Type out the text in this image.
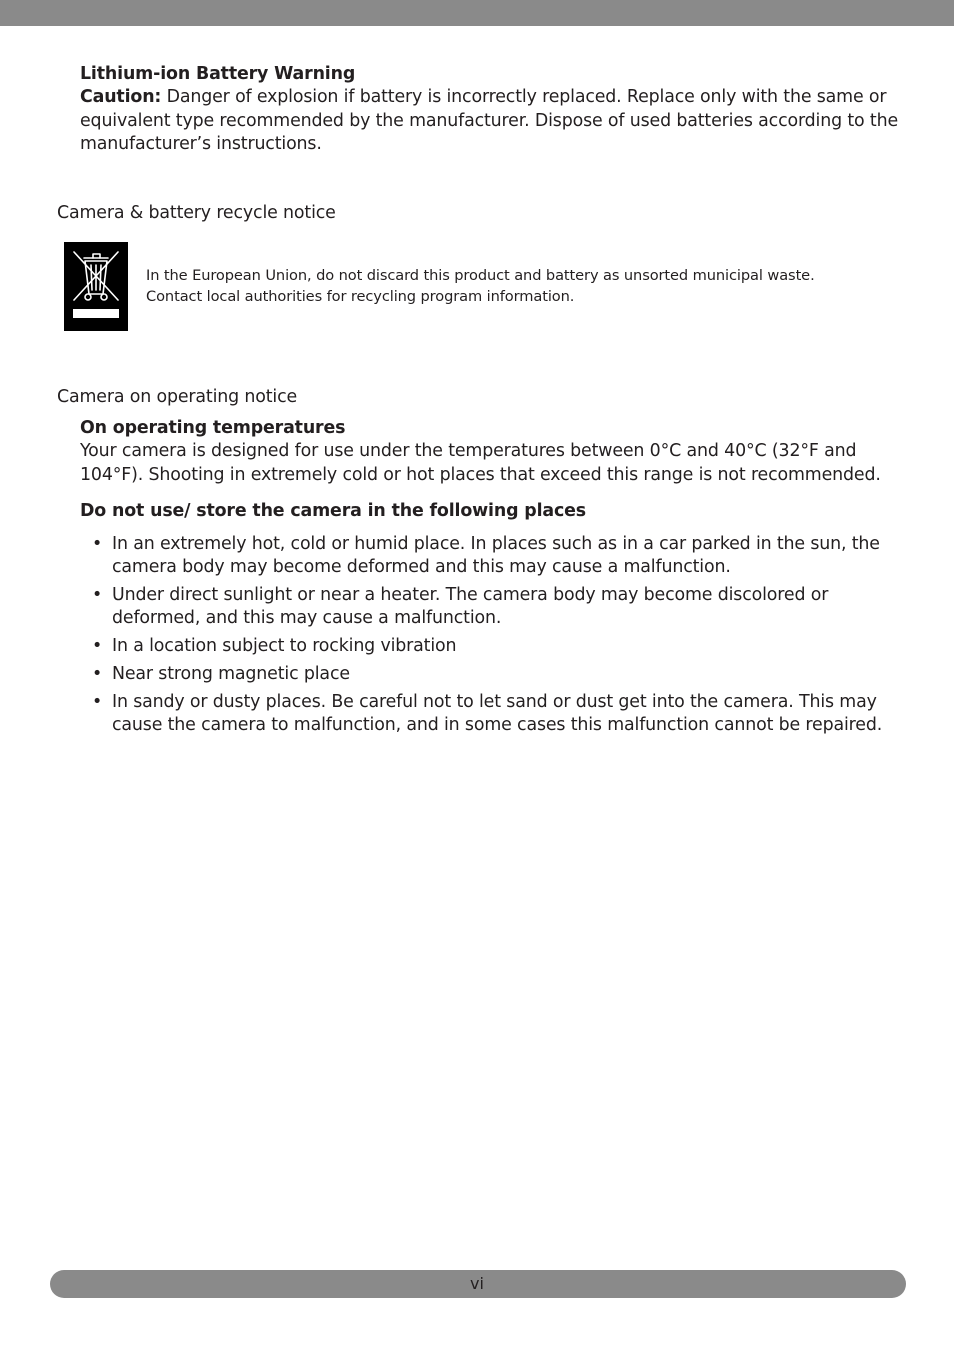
Lithium-ion Battery Warning
Caution: Danger of explosion if battery is incorrectly replaced. Replace only with the same or equivalent type recommended by the manufacturer. Dispose of used batteries according to the manufacturer’s instructions.
Camera & battery recycle notice
In the European Union, do not discard this product and battery as unsorted municipal waste.
Contact local authorities for recycling program information.
Camera on operating notice
On operating temperatures
Your camera is designed for use under the temperatures between 0°C and 40°C (32°F and 104°F). Shooting in extremely cold or hot places that exceed this range is not recommended.
Do not use/ store the camera in the following places
• In an extremely hot, cold or humid place. In places such as in a car parked in the sun, the camera body may become deformed and this may cause a malfunction.
• Under direct sunlight or near a heater. The camera body may become discolored or deformed, and this may cause a malfunction.
• In a location subject to rocking vibration
• Near strong magnetic place
• In sandy or dusty places. Be careful not to let sand or dust get into the camera. This may cause the camera to malfunction, and in some cases this malfunction cannot be repaired.
vi
